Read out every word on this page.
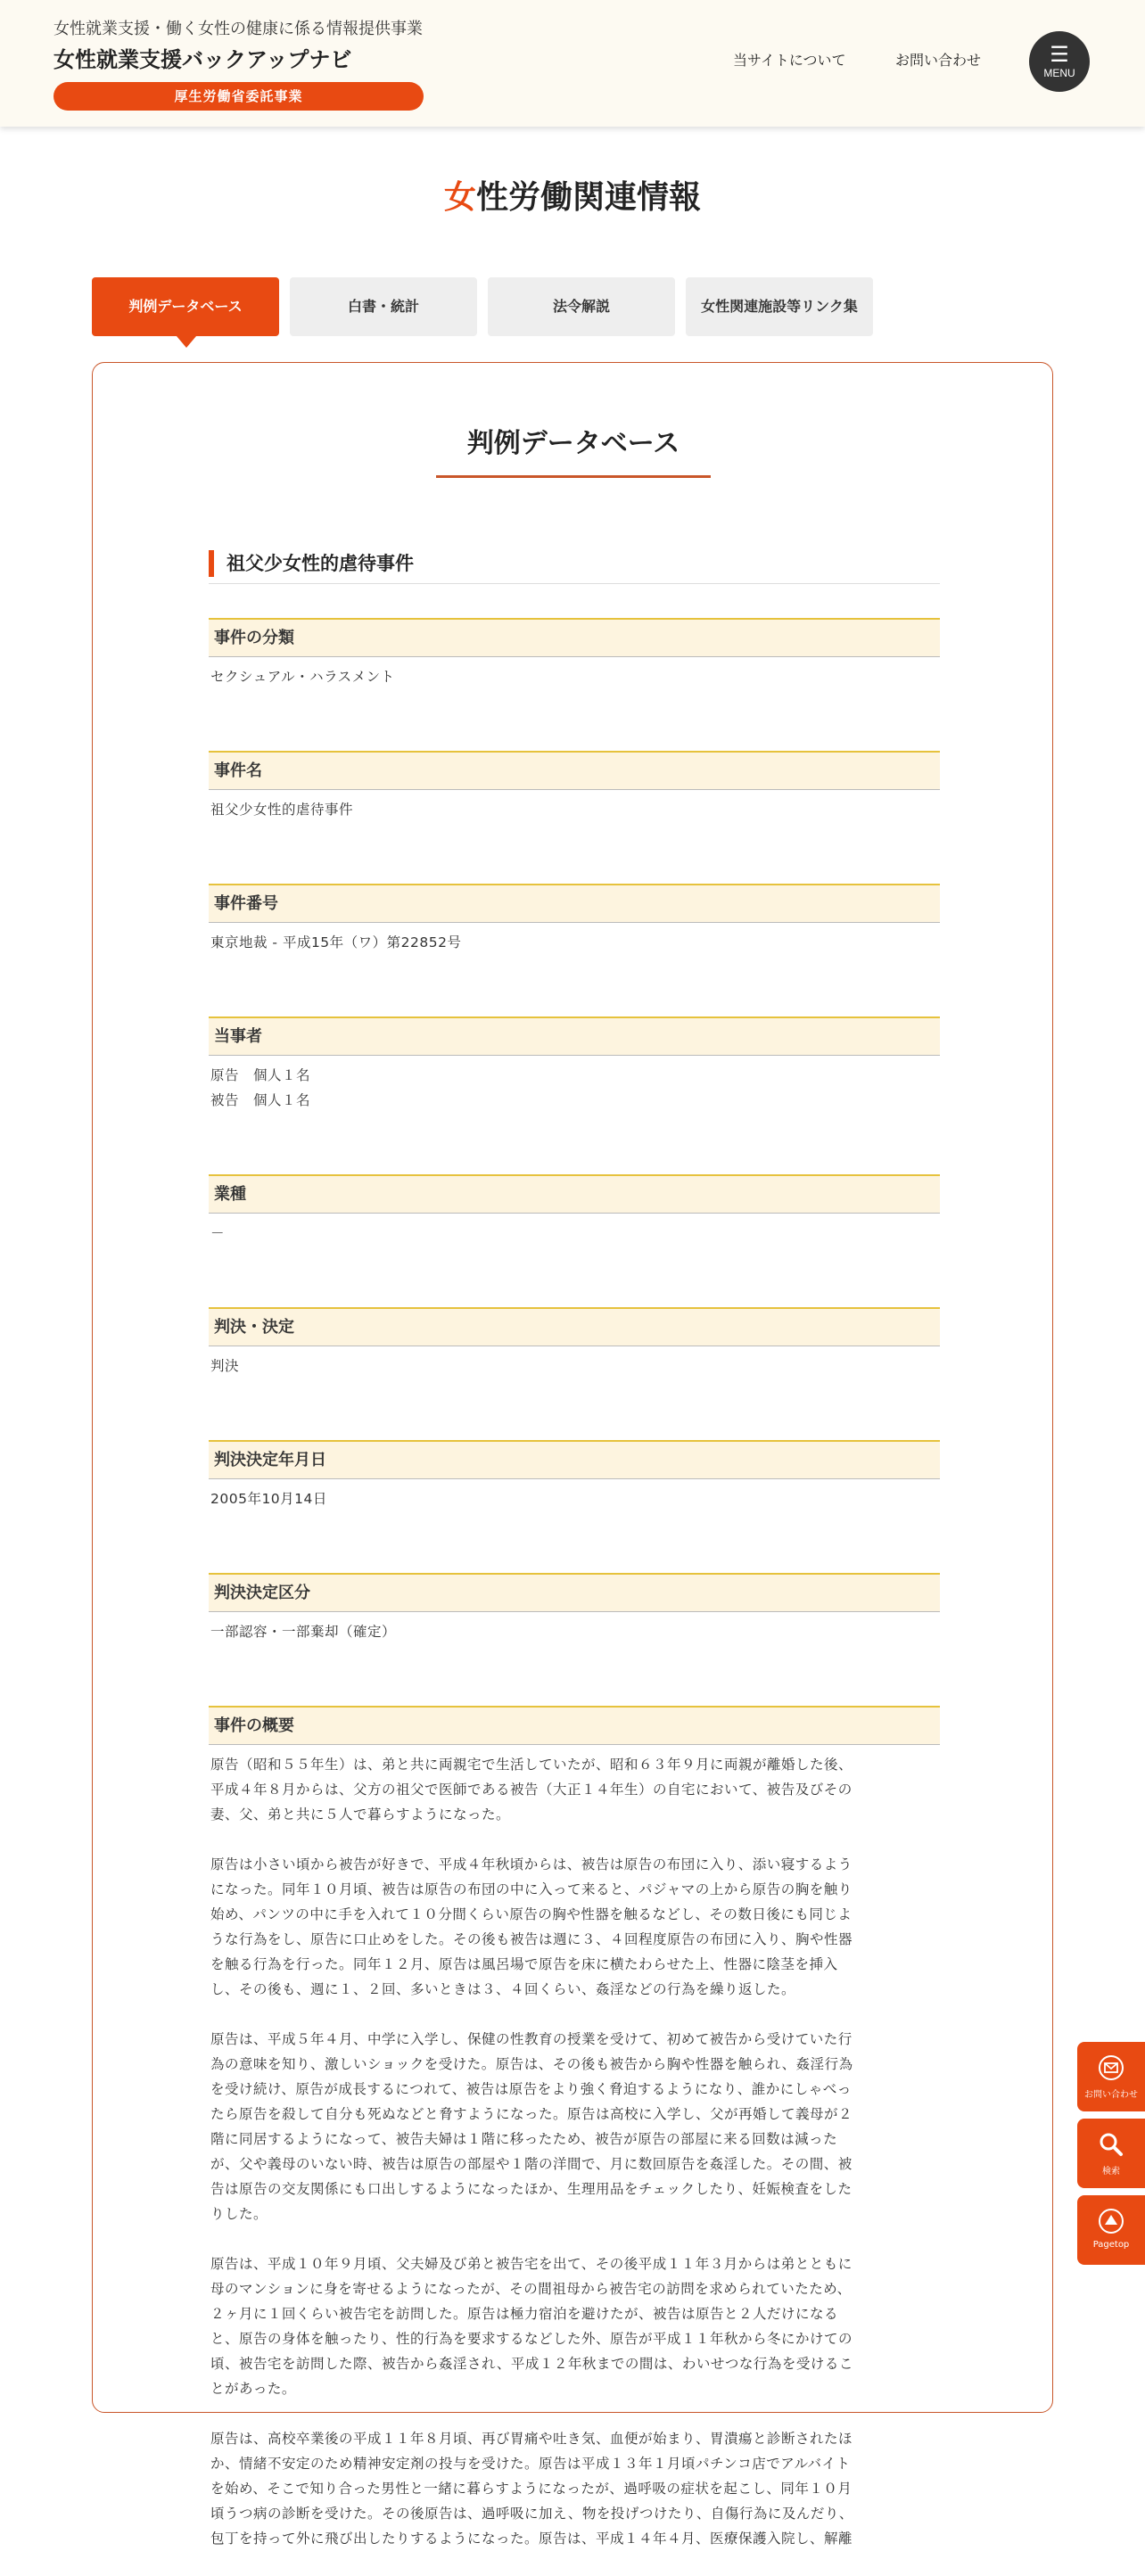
女性就業支援・働く女性の健康に係る情報提供事業
女性就業支援バックアップナビ
厚生労働省委託事業
当サイトについて	お問い合わせ	☰
MENU
女性労働関連情報
判例データベース	白書・統計	法令解説	女性関連施設等リンク集
判例データベース
祖父少女性的虐待事件
事件の分類
セクシュアル・ハラスメント
事件名
祖父少女性的虐待事件
事件番号
東京地裁 - 平成15年（ワ）第22852号
当事者
原告　個人１名
被告　個人１名
業種
－
判決・決定
判決
判決決定年月日
2005年10月14日
判決決定区分
一部認容・一部棄却（確定）
事件の概要

原告（昭和５５年生）は、弟と共に両親宅で生活していたが、昭和６３年９月に両親が離婚した後、
平成４年８月からは、父方の祖父で医師である被告（大正１４年生）の自宅において、被告及びその
妻、父、弟と共に５人で暮らすようになった。

原告は小さい頃から被告が好きで、平成４年秋頃からは、被告は原告の布団に入り、添い寝するよう
になった。同年１０月頃、被告は原告の布団の中に入って来ると、パジャマの上から原告の胸を触り
始め、パンツの中に手を入れて１０分間くらい原告の胸や性器を触るなどし、その数日後にも同じよ
うな行為をし、原告に口止めをした。その後も被告は週に３、４回程度原告の布団に入り、胸や性器
を触る行為を行った。同年１２月、原告は風呂場で原告を床に横たわらせた上、性器に陰茎を挿入
し、その後も、週に１、２回、多いときは３、４回くらい、姦淫などの行為を繰り返した。

原告は、平成５年４月、中学に入学し、保健の性教育の授業を受けて、初めて被告から受けていた行
為の意味を知り、激しいショックを受けた。原告は、その後も被告から胸や性器を触られ、姦淫行為
を受け続け、原告が成長するにつれて、被告は原告をより強く脅迫するようになり、誰かにしゃべっ
たら原告を殺して自分も死ぬなどと脅すようになった。原告は高校に入学し、父が再婚して義母が２
階に同居するようになって、被告夫婦は１階に移ったため、被告が原告の部屋に来る回数は減った
が、父や義母のいない時、被告は原告の部屋や１階の洋間で、月に数回原告を姦淫した。その間、被
告は原告の交友関係にも口出しするようになったほか、生理用品をチェックしたり、妊娠検査をした
りした。

原告は、平成１０年９月頃、父夫婦及び弟と被告宅を出て、その後平成１１年３月からは弟とともに
母のマンションに身を寄せるようになったが、その間祖母から被告宅の訪問を求められていたため、
２ヶ月に１回くらい被告宅を訪問した。原告は極力宿泊を避けたが、被告は原告と２人だけになる
と、原告の身体を触ったり、性的行為を要求するなどした外、原告が平成１１年秋から冬にかけての
頃、被告宅を訪問した際、被告から姦淫され、平成１２年秋までの間は、わいせつな行為を受けるこ
とがあった。

原告は、高校卒業後の平成１１年８月頃、再び胃痛や吐き気、血便が始まり、胃潰瘍と診断されたほ
か、情緒不安定のため精神安定剤の投与を受けた。原告は平成１３年１月頃パチンコ店でアルバイト
を始め、そこで知り合った男性と一緒に暮らすようになったが、過呼吸の症状を起こし、同年１０月
頃うつ病の診断を受けた。その後原告は、過呼吸に加え、物を投げつけたり、自傷行為に及んだり、
包丁を持って外に飛び出したりするようになった。原告は、平成１４年４月、医療保護入院し、解離

お問い合わせ
検索
Pagetop
